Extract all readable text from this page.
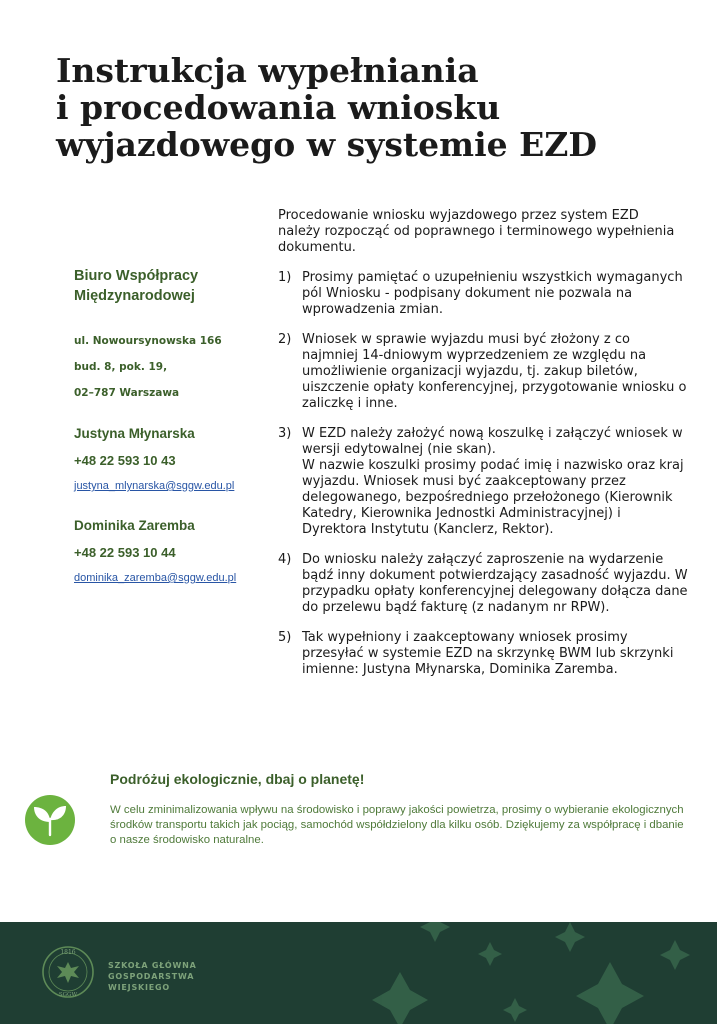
Instrukcja wypełniania
i procedowania wniosku
wyjazdowego w systemie EZD

Biuro Współpracy
Międzynarodowej

ul. Nowoursynowska 166
bud. 8, pok. 19,
02–787 Warszawa
Justyna Młynarska
+48 22 593 10 43
justyna_mlynarska@sggw.edu.pl
Dominika Zaremba
+48 22 593 10 44
dominika_zaremba@sggw.edu.pl

Procedowanie wniosku wyjazdowego przez system EZD należy rozpocząć od poprawnego i terminowego wypełnienia dokumentu.

1) Prosimy pamiętać o uzupełnieniu wszystkich wymaganych pól Wniosku - podpisany dokument nie pozwala na wprowadzenia zmian.
2) Wniosek w sprawie wyjazdu musi być złożony z co najmniej 14-dniowym wyprzedzeniem ze względu na umożliwienie organizacji wyjazdu, tj. zakup biletów, uiszczenie opłaty konferencyjnej, przygotowanie wniosku o zaliczkę i inne.
3) W EZD należy założyć nową koszulkę i załączyć wniosek w wersji edytowalnej (nie skan).
W nazwie koszulki prosimy podać imię i nazwisko oraz kraj wyjazdu. Wniosek musi być zaakceptowany przez delegowanego, bezpośredniego przełożonego (Kierownik Katedry, Kierownika Jednostki Administracyjnej) i Dyrektora Instytutu (Kanclerz, Rektor).
4) Do wniosku należy załączyć zaproszenie na wydarzenie bądź inny dokument potwierdzający zasadność wyjazdu. W przypadku opłaty konferencyjnej delegowany dołącza dane do przelewu bądź fakturę (z nadanym nr RPW).
5) Tak wypełniony i zaakceptowany wniosek prosimy przesyłać w systemie EZD na skrzynkę BWM lub skrzynki imienne: Justyna Młynarska, Dominika Zaremba.

Podróżuj ekologicznie, dbaj o planetę!

W celu zminimalizowania wpływu na środowisko i poprawy jakości powietrza, prosimy o wybieranie ekologicznych środków transportu takich jak pociąg, samochód współdzielony dla kilku osób. Dziękujemy za współpracę i dbanie o nasze środowisko naturalne.

1816
SGGW
SZKOŁA GŁÓWNA
GOSPODARSTWA
WIEJSKIEGO
